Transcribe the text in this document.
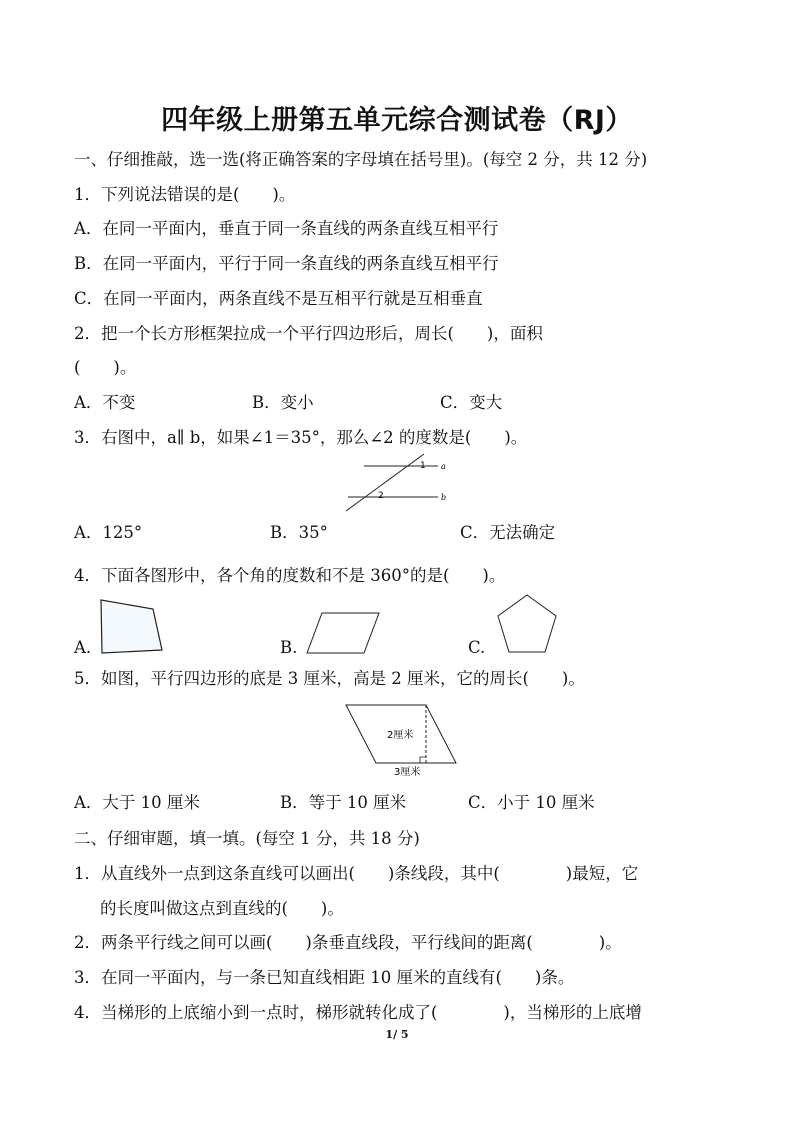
四年级上册第五单元综合测试卷（RJ）
一、仔细推敲，选一选(将正确答案的字母填在括号里)。(每空 2 分，共 12 分)
1．下列说法错误的是(　　)。
A．在同一平面内，垂直于同一条直线的两条直线互相平行
B．在同一平面内，平行于同一条直线的两条直线互相平行
C．在同一平面内，两条直线不是互相平行就是互相垂直
2．把一个长方形框架拉成一个平行四边形后，周长(　　)，面积
(　　)。
A．不变	B．变小	C．变大
3．右图中，a∥ b，如果∠1＝35°，那么∠2 的度数是(　　)。
1
2
a
b
A．125°	B．35°	C．无法确定
4．下面各图形中，各个角的度数和不是 360°的是(　　)。
A.	B.	C.
5．如图，平行四边形的底是 3 厘米，高是 2 厘米，它的周长(　　)。
2厘米
3厘米
A．大于 10 厘米	B．等于 10 厘米	C．小于 10 厘米
二、仔细审题，填一填。(每空 1 分，共 18 分)
1．从直线外一点到这条直线可以画出(　　)条线段，其中(　　　　)最短，它
的长度叫做这点到直线的(　　)。
2．两条平行线之间可以画(　　)条垂直线段，平行线间的距离(　　　　)。
3．在同一平面内，与一条已知直线相距 10 厘米的直线有(　　)条。
4．当梯形的上底缩小到一点时，梯形就转化成了(　　　　)，当梯形的上底增
1/ 5
